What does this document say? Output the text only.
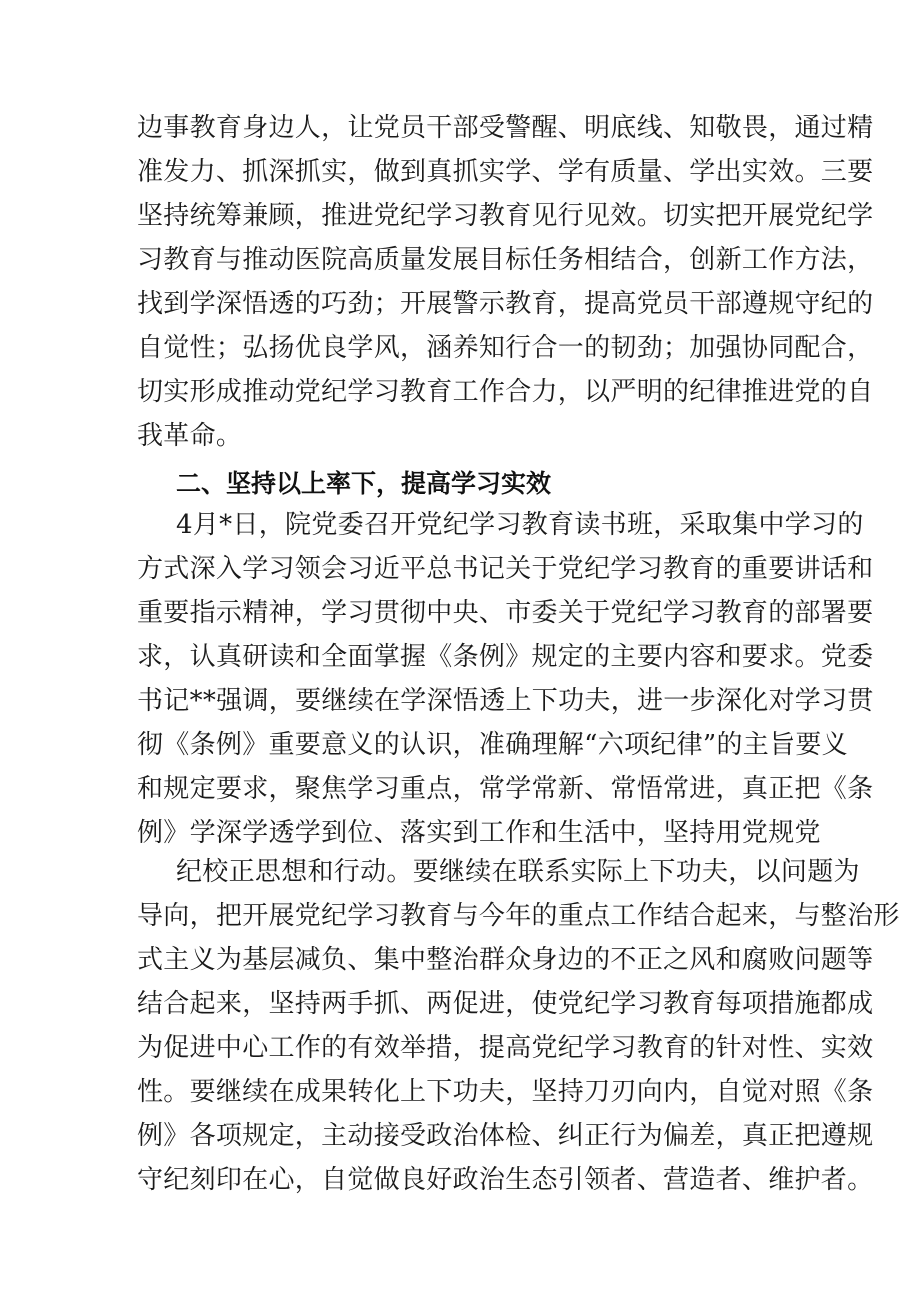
边事教育身边人，让党员干部受警醒、明底线、知敬畏，通过精
准发力、抓深抓实，做到真抓实学、学有质量、学出实效。三要
坚持统筹兼顾，推进党纪学习教育见行见效。切实把开展党纪学
习教育与推动医院高质量发展目标任务相结合，创新工作方法，
找到学深悟透的巧劲；开展警示教育，提高党员干部遵规守纪的
自觉性；弘扬优良学风，涵养知行合一的韧劲；加强协同配合，
切实形成推动党纪学习教育工作合力，以严明的纪律推进党的自
我革命。
二、坚持以上率下，提高学习实效
4月*日，院党委召开党纪学习教育读书班，采取集中学习的
方式深入学习领会习近平总书记关于党纪学习教育的重要讲话和
重要指示精神，学习贯彻中央、市委关于党纪学习教育的部署要
求，认真研读和全面掌握《条例》规定的主要内容和要求。党委
书记**强调，要继续在学深悟透上下功夫，进一步深化对学习贯
彻《条例》重要意义的认识，准确理解“六项纪律”的主旨要义
和规定要求，聚焦学习重点，常学常新、常悟常进，真正把《条
例》学深学透学到位、落实到工作和生活中，坚持用党规党
纪校正思想和行动。要继续在联系实际上下功夫，以问题为
导向，把开展党纪学习教育与今年的重点工作结合起来，与整治形
式主义为基层减负、集中整治群众身边的不正之风和腐败问题等
结合起来，坚持两手抓、两促进，使党纪学习教育每项措施都成
为促进中心工作的有效举措，提高党纪学习教育的针对性、实效
性。要继续在成果转化上下功夫，坚持刀刃向内，自觉对照《条
例》各项规定，主动接受政治体检、纠正行为偏差，真正把遵规
守纪刻印在心，自觉做良好政治生态引领者、营造者、维护者。
